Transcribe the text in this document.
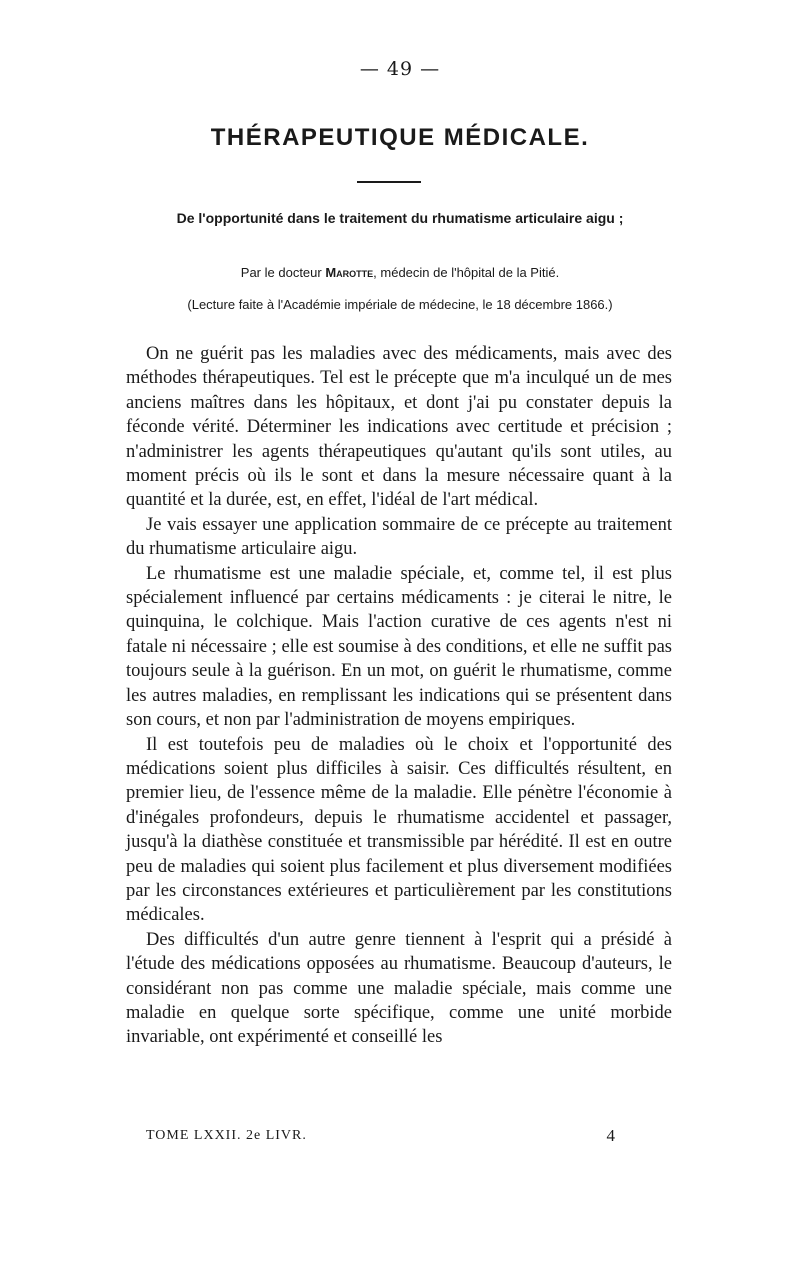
— 49 —
THÉRAPEUTIQUE MÉDICALE.
De l'opportunité dans le traitement du rhumatisme articulaire aigu ;
Par le docteur Marotte, médecin de l'hôpital de la Pitié.
(Lecture faite à l'Académie impériale de médecine, le 18 décembre 1866.)

On ne guérit pas les maladies avec des médicaments, mais avec des méthodes thérapeutiques. Tel est le précepte que m'a inculqué un de mes anciens maîtres dans les hôpitaux, et dont j'ai pu constater depuis la féconde vérité. Déterminer les indications avec certitude et précision ; n'administrer les agents thérapeutiques qu'autant qu'ils sont utiles, au moment précis où ils le sont et dans la mesure nécessaire quant à la quantité et la durée, est, en effet, l'idéal de l'art médical.

Je vais essayer une application sommaire de ce précepte au traitement du rhumatisme articulaire aigu.

Le rhumatisme est une maladie spéciale, et, comme tel, il est plus spécialement influencé par certains médicaments : je citerai le nitre, le quinquina, le colchique. Mais l'action curative de ces agents n'est ni fatale ni nécessaire ; elle est soumise à des conditions, et elle ne suffit pas toujours seule à la guérison. En un mot, on guérit le rhumatisme, comme les autres maladies, en remplissant les indications qui se présentent dans son cours, et non par l'administration de moyens empiriques.

Il est toutefois peu de maladies où le choix et l'opportunité des médications soient plus difficiles à saisir. Ces difficultés résultent, en premier lieu, de l'essence même de la maladie. Elle pénètre l'économie à d'inégales profondeurs, depuis le rhumatisme accidentel et passager, jusqu'à la diathèse constituée et transmissible par hérédité. Il est en outre peu de maladies qui soient plus facilement et plus diversement modifiées par les circonstances extérieures et particulièrement par les constitutions médicales.

Des difficultés d'un autre genre tiennent à l'esprit qui a présidé à l'étude des médications opposées au rhumatisme. Beaucoup d'auteurs, le considérant non pas comme une maladie spéciale, mais comme une maladie en quelque sorte spécifique, comme une unité morbide invariable, ont expérimenté et conseillé les

TOME LXXII. 2e LIVR.	4
